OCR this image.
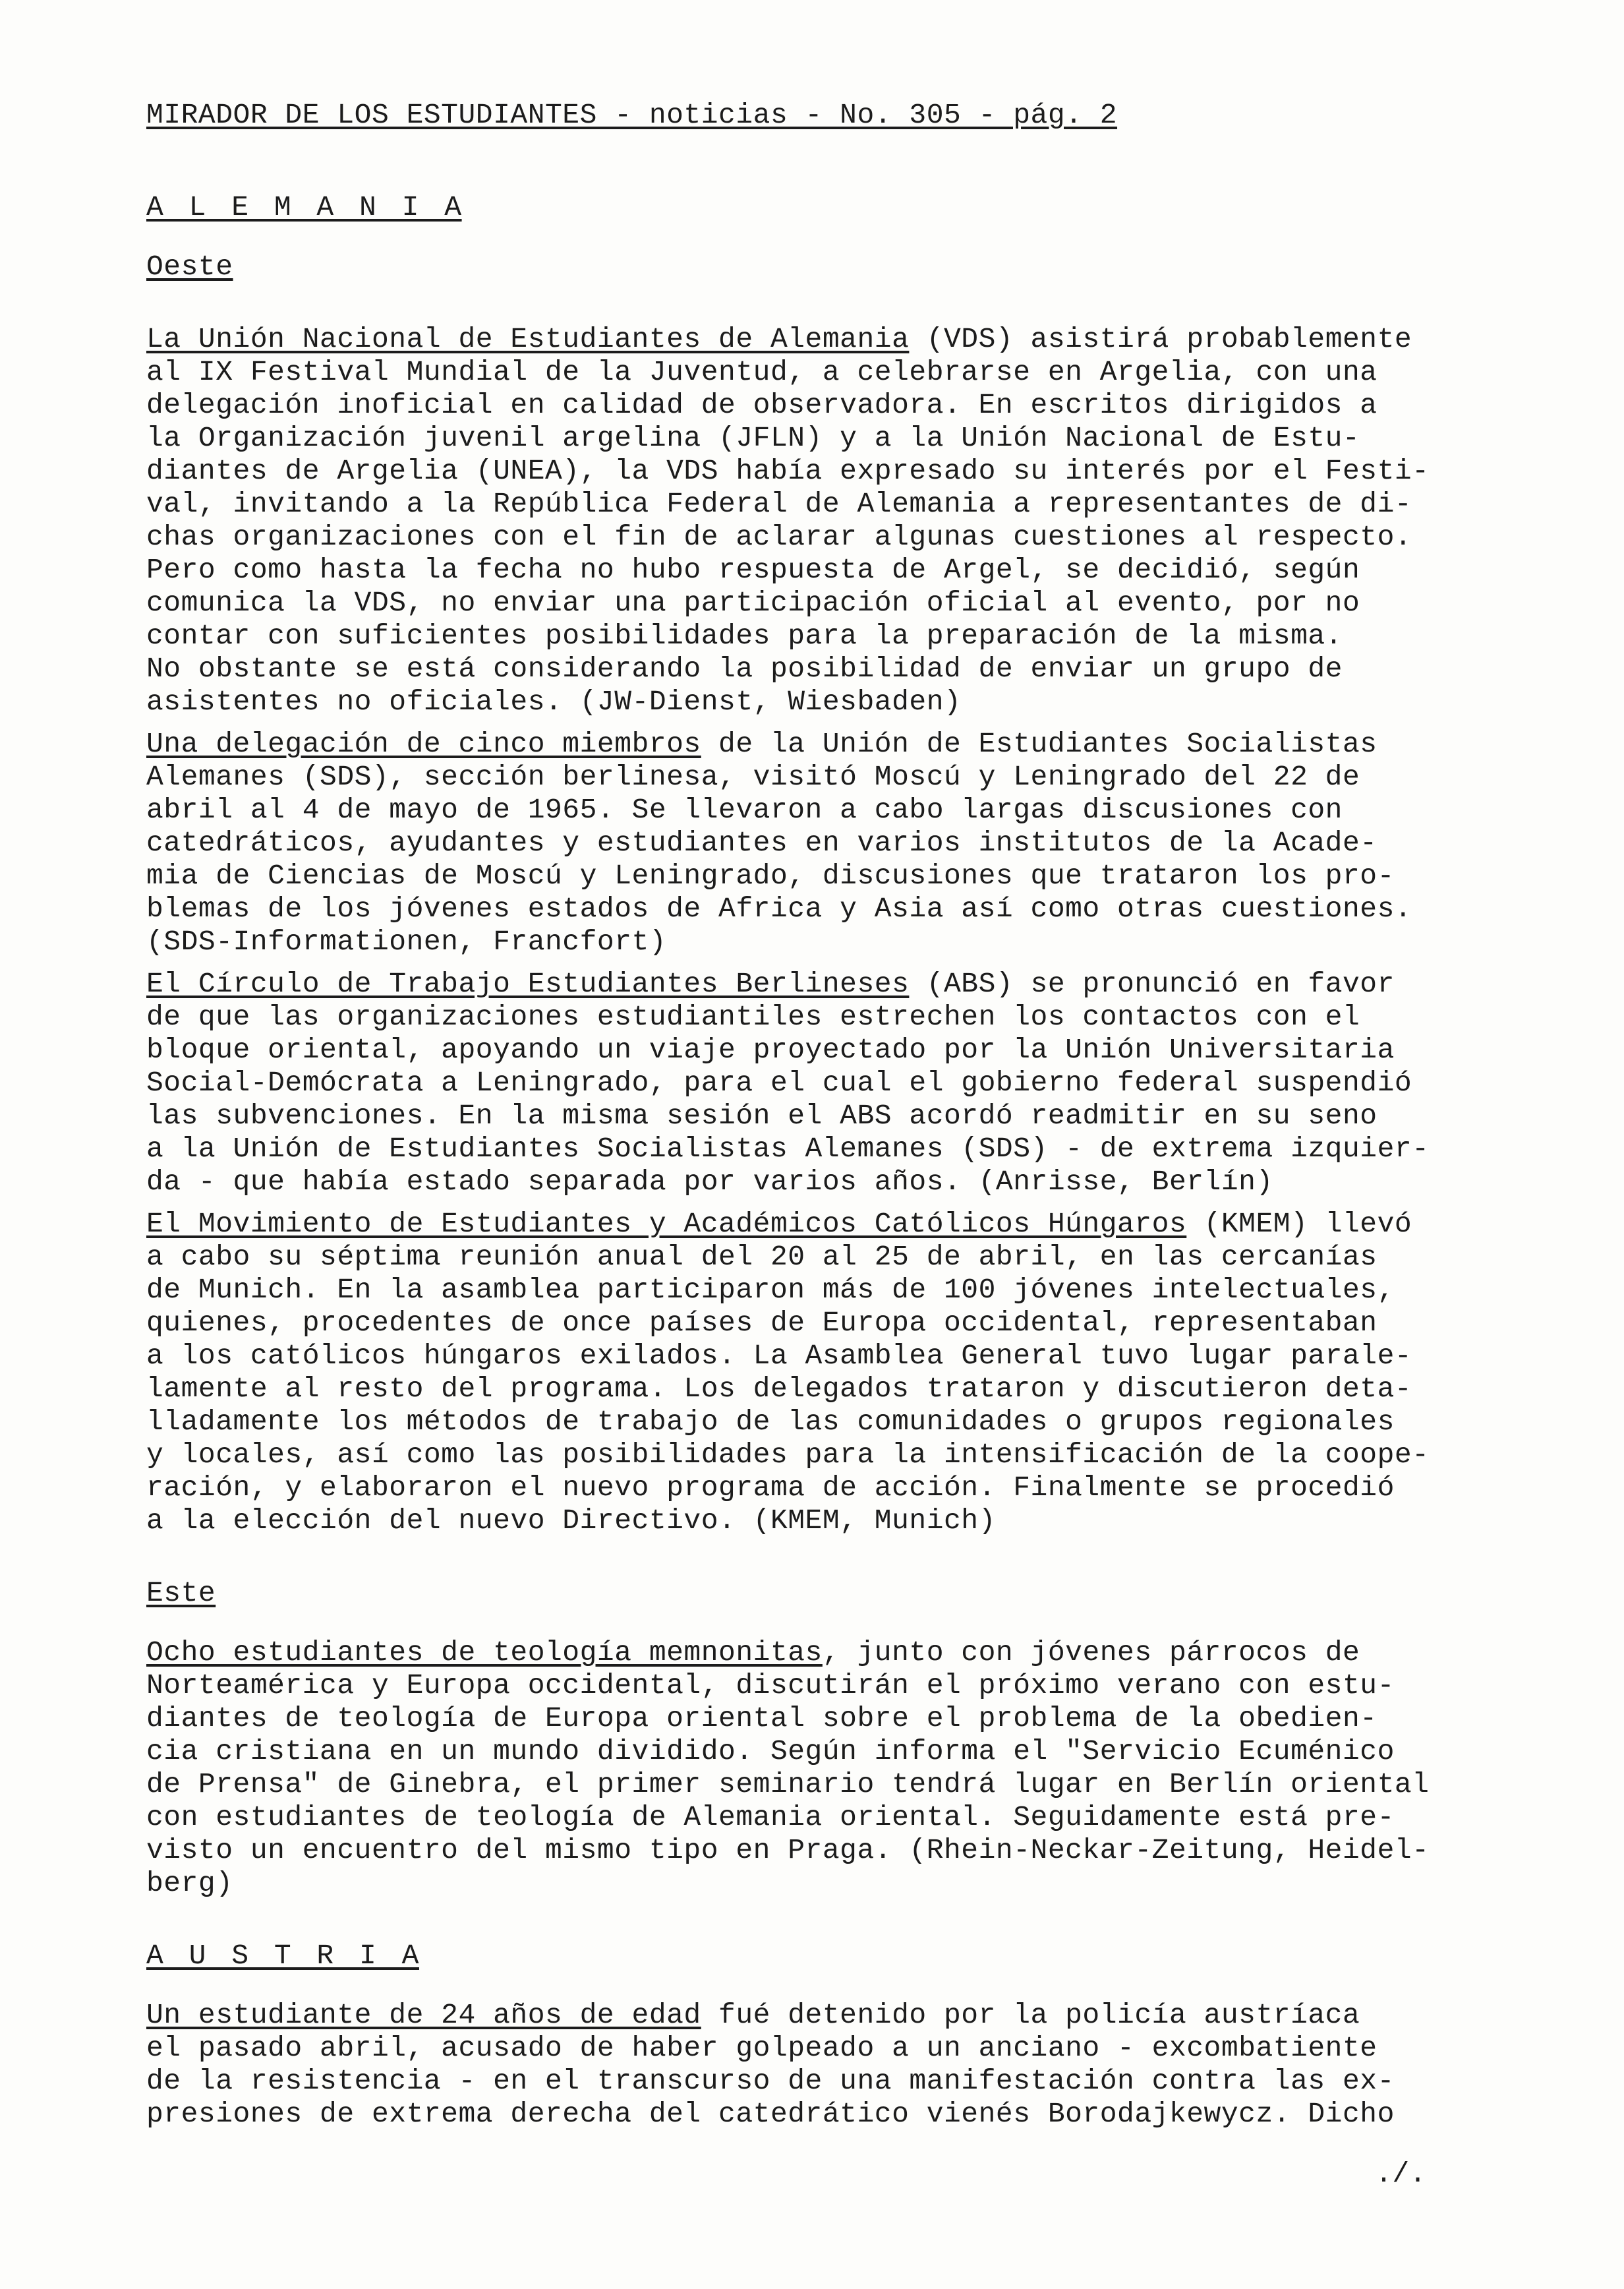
MIRADOR DE LOS ESTUDIANTES - noticias - No. 305 - pág. 2

A L E M A N I A

Oeste

La Unión Nacional de Estudiantes de Alemania (VDS) asistirá probablemente

al IX Festival Mundial de la Juventud, a celebrarse en Argelia, con una

delegación inoficial en calidad de observadora. En escritos dirigidos a

la Organización juvenil argelina (JFLN) y a la Unión Nacional de Estu-

diantes de Argelia (UNEA), la VDS había expresado su interés por el Festi-

val, invitando a la República Federal de Alemania a representantes de di-

chas organizaciones con el fin de aclarar algunas cuestiones al respecto.

Pero como hasta la fecha no hubo respuesta de Argel, se decidió, según

comunica la VDS, no enviar una participación oficial al evento, por no

contar con suficientes posibilidades para la preparación de la misma.

No obstante se está considerando la posibilidad de enviar un grupo de

asistentes no oficiales. (JW-Dienst, Wiesbaden)

Una delegación de cinco miembros de la Unión de Estudiantes Socialistas

Alemanes (SDS), sección berlinesa, visitó Moscú y Leningrado del 22 de

abril al 4 de mayo de 1965. Se llevaron a cabo largas discusiones con

catedráticos, ayudantes y estudiantes en varios institutos de la Acade-

mia de Ciencias de Moscú y Leningrado, discusiones que trataron los pro-

blemas de los jóvenes estados de Africa y Asia así como otras cuestiones.

(SDS-Informationen, Francfort)

El Círculo de Trabajo Estudiantes Berlineses (ABS) se pronunció en favor

de que las organizaciones estudiantiles estrechen los contactos con el

bloque oriental, apoyando un viaje proyectado por la Unión Universitaria

Social-Demócrata a Leningrado, para el cual el gobierno federal suspendió

las subvenciones. En la misma sesión el ABS acordó readmitir en su seno

a la Unión de Estudiantes Socialistas Alemanes (SDS) - de extrema izquier-

da - que había estado separada por varios años. (Anrisse, Berlín)

El Movimiento de Estudiantes y Académicos Católicos Húngaros (KMEM) llevó

a cabo su séptima reunión anual del 20 al 25 de abril, en las cercanías

de Munich. En la asamblea participaron más de 100 jóvenes intelectuales,

quienes, procedentes de once países de Europa occidental, representaban

a los católicos húngaros exilados. La Asamblea General tuvo lugar parale-

lamente al resto del programa. Los delegados trataron y discutieron deta-

lladamente los métodos de trabajo de las comunidades o grupos regionales

y locales, así como las posibilidades para la intensificación de la coope-

ración, y elaboraron el nuevo programa de acción. Finalmente se procedió

a la elección del nuevo Directivo. (KMEM, Munich)

Este

Ocho estudiantes de teología memnonitas, junto con jóvenes párrocos de

Norteamérica y Europa occidental, discutirán el próximo verano con estu-

diantes de teología de Europa oriental sobre el problema de la obedien-

cia cristiana en un mundo dividido. Según informa el "Servicio Ecuménico

de Prensa" de Ginebra, el primer seminario tendrá lugar en Berlín oriental

con estudiantes de teología de Alemania oriental. Seguidamente está pre-

visto un encuentro del mismo tipo en Praga. (Rhein-Neckar-Zeitung, Heidel-

berg)

A U S T R I A

Un estudiante de 24 años de edad fué detenido por la policía austríaca

el pasado abril, acusado de haber golpeado a un anciano - excombatiente

de la resistencia - en el transcurso de una manifestación contra las ex-

presiones de extrema derecha del catedrático vienés Borodajkewycz. Dicho

./.
